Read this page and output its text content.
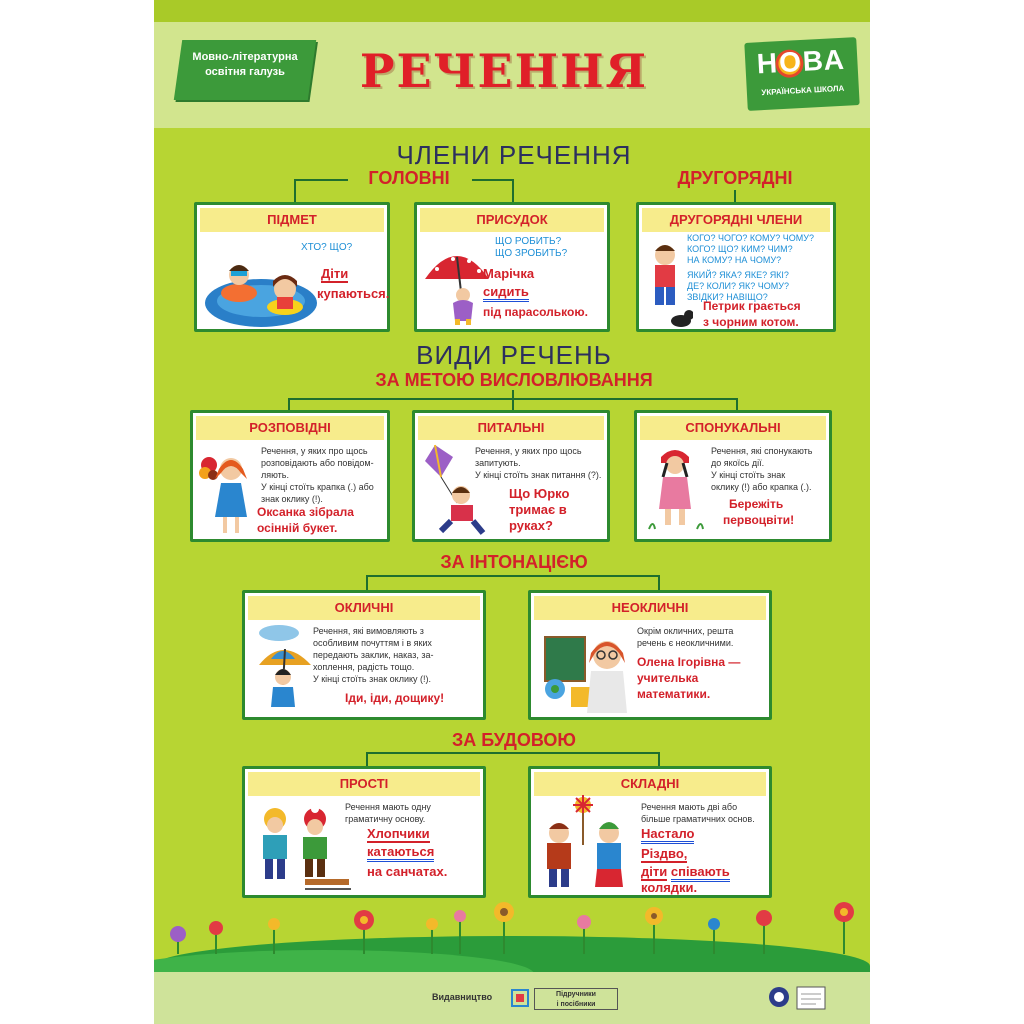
Мовно-літературна
освітня галузь	РЕЧЕННЯ	НОВА
УКРАЇНСЬКА ШКОЛА
ЧЛЕНИ РЕЧЕННЯ
ГОЛОВНІ	ДРУГОРЯДНІ
ПІДМЕТ
ХТО? ЩО?
Діти
купаються.
ПРИСУДОК
ЩО РОБИТЬ?
ЩО ЗРОБИТЬ?
Марічка
сидить
під парасолькою.
ДРУГОРЯДНІ ЧЛЕНИ
КОГО? ЧОГО? КОМУ? ЧОМУ?
КОГО? ЩО? КИМ? ЧИМ?
НА КОМУ? НА ЧОМУ?
ЯКИЙ? ЯКА? ЯКЕ? ЯКІ?
ДЕ? КОЛИ? ЯК? ЧОМУ?
ЗВІДКИ? НАВІЩО?
Петрик грається
з чорним котом.
ВИДИ РЕЧЕНЬ
ЗА МЕТОЮ ВИСЛОВЛЮВАННЯ
РОЗПОВІДНІ
Речення, у яких про щось
розповідають або повідом-
ляють.
У кінці стоїть крапка (.) або
знак оклику (!).
Оксанка зібрала
осінній букет.
ПИТАЛЬНІ
Речення, у яких про щось
запитують.
У кінці стоїть знак питання (?).
Що Юрко
тримає в
руках?
СПОНУКАЛЬНІ
Речення, які спонукають
до якоїсь дії.
У кінці стоїть знак
оклику (!) або крапка (.).
Бережіть
первоцвіти!
ЗА ІНТОНАЦІЄЮ
ОКЛИЧНІ
Речення, які вимовляють з
особливим почуттям і в яких
передають заклик, наказ, за-
хоплення, радість тощо.
У кінці стоїть знак оклику (!).
Іди, іди, дощику!
НЕОКЛИЧНІ
Окрім окличних, решта
речень є неокличними.
Олена Ігорівна —
учителька
математики.
ЗА БУДОВОЮ
ПРОСТІ
Речення мають одну
граматичну основу.
Хлопчики
катаються
на санчатах.
СКЛАДНІ
Речення мають дві або
більше граматичних основ.
Настало
Різдво,
діти співають
колядки.
Видавництво	Підручники
і посібники
